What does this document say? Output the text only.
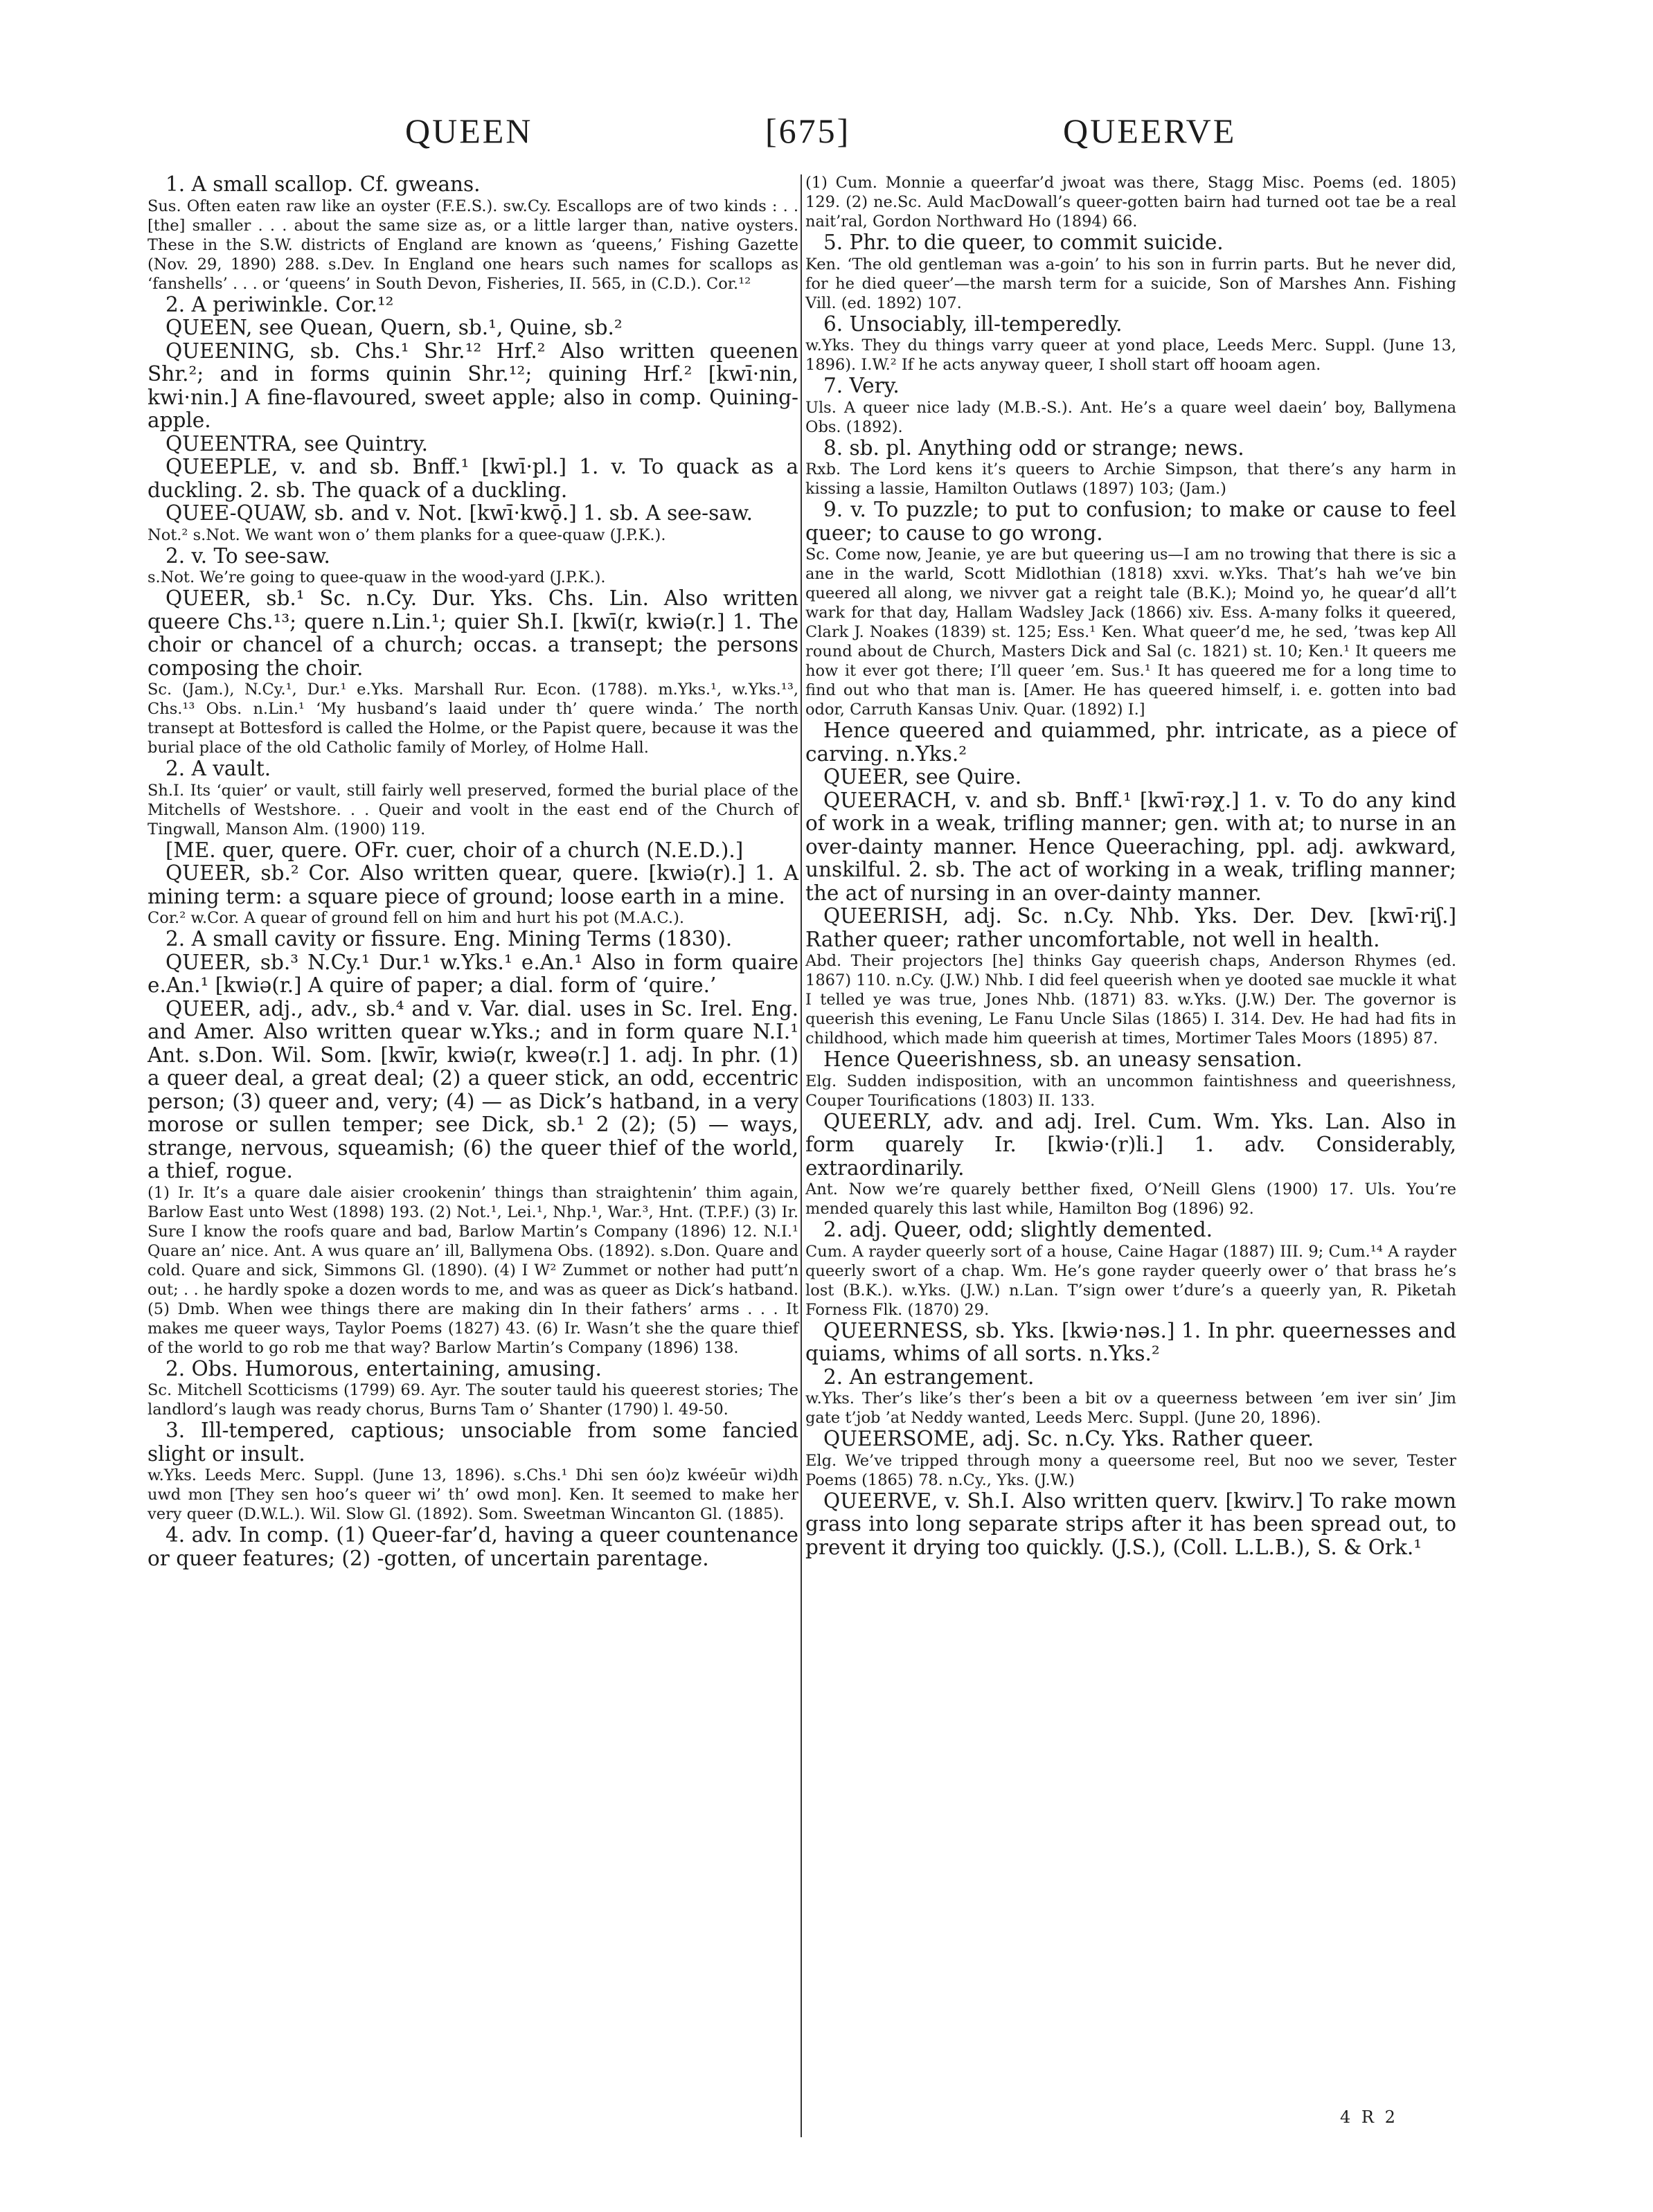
QUEEN	[675]	QUEERVE

1. A small scallop. Cf. gweans.

Sus. Often eaten raw like an oyster (F.E.S.). sw.Cy. Escallops are of two kinds : . . [the] smaller . . . about the same size as, or a little larger than, native oysters. These in the S.W. districts of England are known as ‘queens,’ Fishing Gazette (Nov. 29, 1890) 288. s.Dev. In England one hears such names for scallops as ‘fanshells’ . . . or ‘queens’ in South Devon, Fisheries, II. 565, in (C.D.). Cor.¹²

2. A periwinkle. Cor.¹²

QUEEN, see Quean, Quern, sb.¹, Quine, sb.²

QUEENING, sb. Chs.¹ Shr.¹² Hrf.² Also written queenen Shr.²; and in forms quinin Shr.¹²; quining Hrf.² [kwī·nin, kwi·nin.] A fine-flavoured, sweet apple; also in comp. Quining-apple.

QUEENTRA, see Quintry.

QUEEPLE, v. and sb. Bnff.¹ [kwī·pl.] 1. v. To quack as a duckling. 2. sb. The quack of a duckling.

QUEE-QUAW, sb. and v. Not. [kwī·kwǭ.] 1. sb. A see-saw.

Not.² s.Not. We want won o’ them planks for a quee-quaw (J.P.K.).

2. v. To see-saw.

s.Not. We’re going to quee-quaw in the wood-yard (J.P.K.).

QUEER, sb.¹ Sc. n.Cy. Dur. Yks. Chs. Lin. Also written queere Chs.¹³; quere n.Lin.¹; quier Sh.I. [kwī(r, kwiə(r.] 1. The choir or chancel of a church; occas. a transept; the persons composing the choir.

Sc. (Jam.), N.Cy.¹, Dur.¹ e.Yks. Marshall Rur. Econ. (1788). m.Yks.¹, w.Yks.¹³, Chs.¹³ Obs. n.Lin.¹ ‘My husband’s laaid under th’ quere winda.’ The north transept at Bottesford is called the Holme, or the Papist quere, because it was the burial place of the old Catholic family of Morley, of Holme Hall.

2. A vault.

Sh.I. Its ‘quier’ or vault, still fairly well preserved, formed the burial place of the Mitchells of Westshore. . . Queir and voolt in the east end of the Church of Tingwall, Manson Alm. (1900) 119.

[ME. quer, quere. OFr. cuer, choir of a church (N.E.D.).]

QUEER, sb.² Cor. Also written quear, quere. [kwiə(r).] 1. A mining term: a square piece of ground; loose earth in a mine.

Cor.² w.Cor. A quear of ground fell on him and hurt his pot (M.A.C.).

2. A small cavity or fissure. Eng. Mining Terms (1830).

QUEER, sb.³ N.Cy.¹ Dur.¹ w.Yks.¹ e.An.¹ Also in form quaire e.An.¹ [kwiə(r.] A quire of paper; a dial. form of ‘quire.’

QUEER, adj., adv., sb.⁴ and v. Var. dial. uses in Sc. Irel. Eng. and Amer. Also written quear w.Yks.; and in form quare N.I.¹ Ant. s.Don. Wil. Som. [kwīr, kwiə(r, kweə(r.] 1. adj. In phr. (1) a queer deal, a great deal; (2) a queer stick, an odd, eccentric person; (3) queer and, very; (4) — as Dick’s hatband, in a very morose or sullen temper; see Dick, sb.¹ 2 (2); (5) — ways, strange, nervous, squeamish; (6) the queer thief of the world, a thief, rogue.

(1) Ir. It’s a quare dale aisier crookenin’ things than straightenin’ thim again, Barlow East unto West (1898) 193. (2) Not.¹, Lei.¹, Nhp.¹, War.³, Hnt. (T.P.F.) (3) Ir. Sure I know the roofs quare and bad, Barlow Martin’s Company (1896) 12. N.I.¹ Quare an’ nice. Ant. A wus quare an’ ill, Ballymena Obs. (1892). s.Don. Quare and cold. Quare and sick, Simmons Gl. (1890). (4) I W² Zummet or nother had putt’n out; . . he hardly spoke a dozen words to me, and was as queer as Dick’s hatband. (5) Dmb. When wee things there are making din In their fathers’ arms . . . It makes me queer ways, Taylor Poems (1827) 43. (6) Ir. Wasn’t she the quare thief of the world to go rob me that way? Barlow Martin’s Company (1896) 138.

2. Obs. Humorous, entertaining, amusing.

Sc. Mitchell Scotticisms (1799) 69. Ayr. The souter tauld his queerest stories; The landlord’s laugh was ready chorus, Burns Tam o’ Shanter (1790) l. 49-50.

3. Ill-tempered, captious; unsociable from some fancied slight or insult.

w.Yks. Leeds Merc. Suppl. (June 13, 1896). s.Chs.¹ Dhi sen óo)z kwéeūr wi)dh uwd mon [They sen hoo’s queer wi’ th’ owd mon]. Ken. It seemed to make her very queer (D.W.L.). Wil. Slow Gl. (1892). Som. Sweetman Wincanton Gl. (1885).

4. adv. In comp. (1) Queer-far’d, having a queer countenance or queer features; (2) -gotten, of uncertain parentage.

(1) Cum. Monnie a queerfar’d jwoat was there, Stagg Misc. Poems (ed. 1805) 129. (2) ne.Sc. Auld MacDowall’s queer-gotten bairn had turned oot tae be a real nait’ral, Gordon Northward Ho (1894) 66.

5. Phr. to die queer, to commit suicide.

Ken. ‘The old gentleman was a-goin’ to his son in furrin parts. But he never did, for he died queer’—the marsh term for a suicide, Son of Marshes Ann. Fishing Vill. (ed. 1892) 107.

6. Unsociably, ill-temperedly.

w.Yks. They du things varry queer at yond place, Leeds Merc. Suppl. (June 13, 1896). I.W.² If he acts anyway queer, I sholl start off hooam agen.

7. Very.

Uls. A queer nice lady (M.B.-S.). Ant. He’s a quare weel daein’ boy, Ballymena Obs. (1892).

8. sb. pl. Anything odd or strange; news.

Rxb. The Lord kens it’s queers to Archie Simpson, that there’s any harm in kissing a lassie, Hamilton Outlaws (1897) 103; (Jam.)

9. v. To puzzle; to put to confusion; to make or cause to feel queer; to cause to go wrong.

Sc. Come now, Jeanie, ye are but queering us—I am no trowing that there is sic a ane in the warld, Scott Midlothian (1818) xxvi. w.Yks. That’s hah we’ve bin queered all along, we nivver gat a reight tale (B.K.); Moind yo, he quear’d all’t wark for that day, Hallam Wadsley Jack (1866) xiv. Ess. A-many folks it queered, Clark J. Noakes (1839) st. 125; Ess.¹ Ken. What queer’d me, he sed, ’twas kep All round about de Church, Masters Dick and Sal (c. 1821) st. 10; Ken.¹ It queers me how it ever got there; I’ll queer ’em. Sus.¹ It has queered me for a long time to find out who that man is. [Amer. He has queered himself, i. e. gotten into bad odor, Carruth Kansas Univ. Quar. (1892) I.]

Hence queered and quiammed, phr. intricate, as a piece of carving. n.Yks.²

QUEER, see Quire.

QUEERACH, v. and sb. Bnff.¹ [kwī·rəχ.] 1. v. To do any kind of work in a weak, trifling manner; gen. with at; to nurse in an over-dainty manner. Hence Queeraching, ppl. adj. awkward, unskilful. 2. sb. The act of working in a weak, trifling manner; the act of nursing in an over-dainty manner.

QUEERISH, adj. Sc. n.Cy. Nhb. Yks. Der. Dev. [kwī·riʃ.] Rather queer; rather uncomfortable, not well in health.

Abd. Their projectors [he] thinks Gay queerish chaps, Anderson Rhymes (ed. 1867) 110. n.Cy. (J.W.) Nhb. I did feel queerish when ye dooted sae muckle it what I telled ye was true, Jones Nhb. (1871) 83. w.Yks. (J.W.) Der. The governor is queerish this evening, Le Fanu Uncle Silas (1865) I. 314. Dev. He had had fits in childhood, which made him queerish at times, Mortimer Tales Moors (1895) 87.

Hence Queerishness, sb. an uneasy sensation.

Elg. Sudden indisposition, with an uncommon faintishness and queerishness, Couper Tourifications (1803) II. 133.

QUEERLY, adv. and adj. Irel. Cum. Wm. Yks. Lan. Also in form quarely Ir. [kwiə·(r)li.] 1. adv. Considerably, extraordinarily.

Ant. Now we’re quarely betther fixed, O’Neill Glens (1900) 17. Uls. You’re mended quarely this last while, Hamilton Bog (1896) 92.

2. adj. Queer, odd; slightly demented.

Cum. A rayder queerly sort of a house, Caine Hagar (1887) III. 9; Cum.¹⁴ A rayder queerly swort of a chap. Wm. He’s gone rayder queerly ower o’ that brass he’s lost (B.K.). w.Yks. (J.W.) n.Lan. T’sign ower t’dure’s a queerly yan, R. Piketah Forness Flk. (1870) 29.

QUEERNESS, sb. Yks. [kwiə·nəs.] 1. In phr. queernesses and quiams, whims of all sorts. n.Yks.²

2. An estrangement.

w.Yks. Ther’s like’s ther’s been a bit ov a queerness between ’em iver sin’ Jim gate t’job ’at Neddy wanted, Leeds Merc. Suppl. (June 20, 1896).

QUEERSOME, adj. Sc. n.Cy. Yks. Rather queer.

Elg. We’ve tripped through mony a queersome reel, But noo we sever, Tester Poems (1865) 78. n.Cy., Yks. (J.W.)

QUEERVE, v. Sh.I. Also written querv. [kwirv.] To rake mown grass into long separate strips after it has been spread out, to prevent it drying too quickly. (J.S.), (Coll. L.L.B.), S. & Ork.¹

4 R 2
